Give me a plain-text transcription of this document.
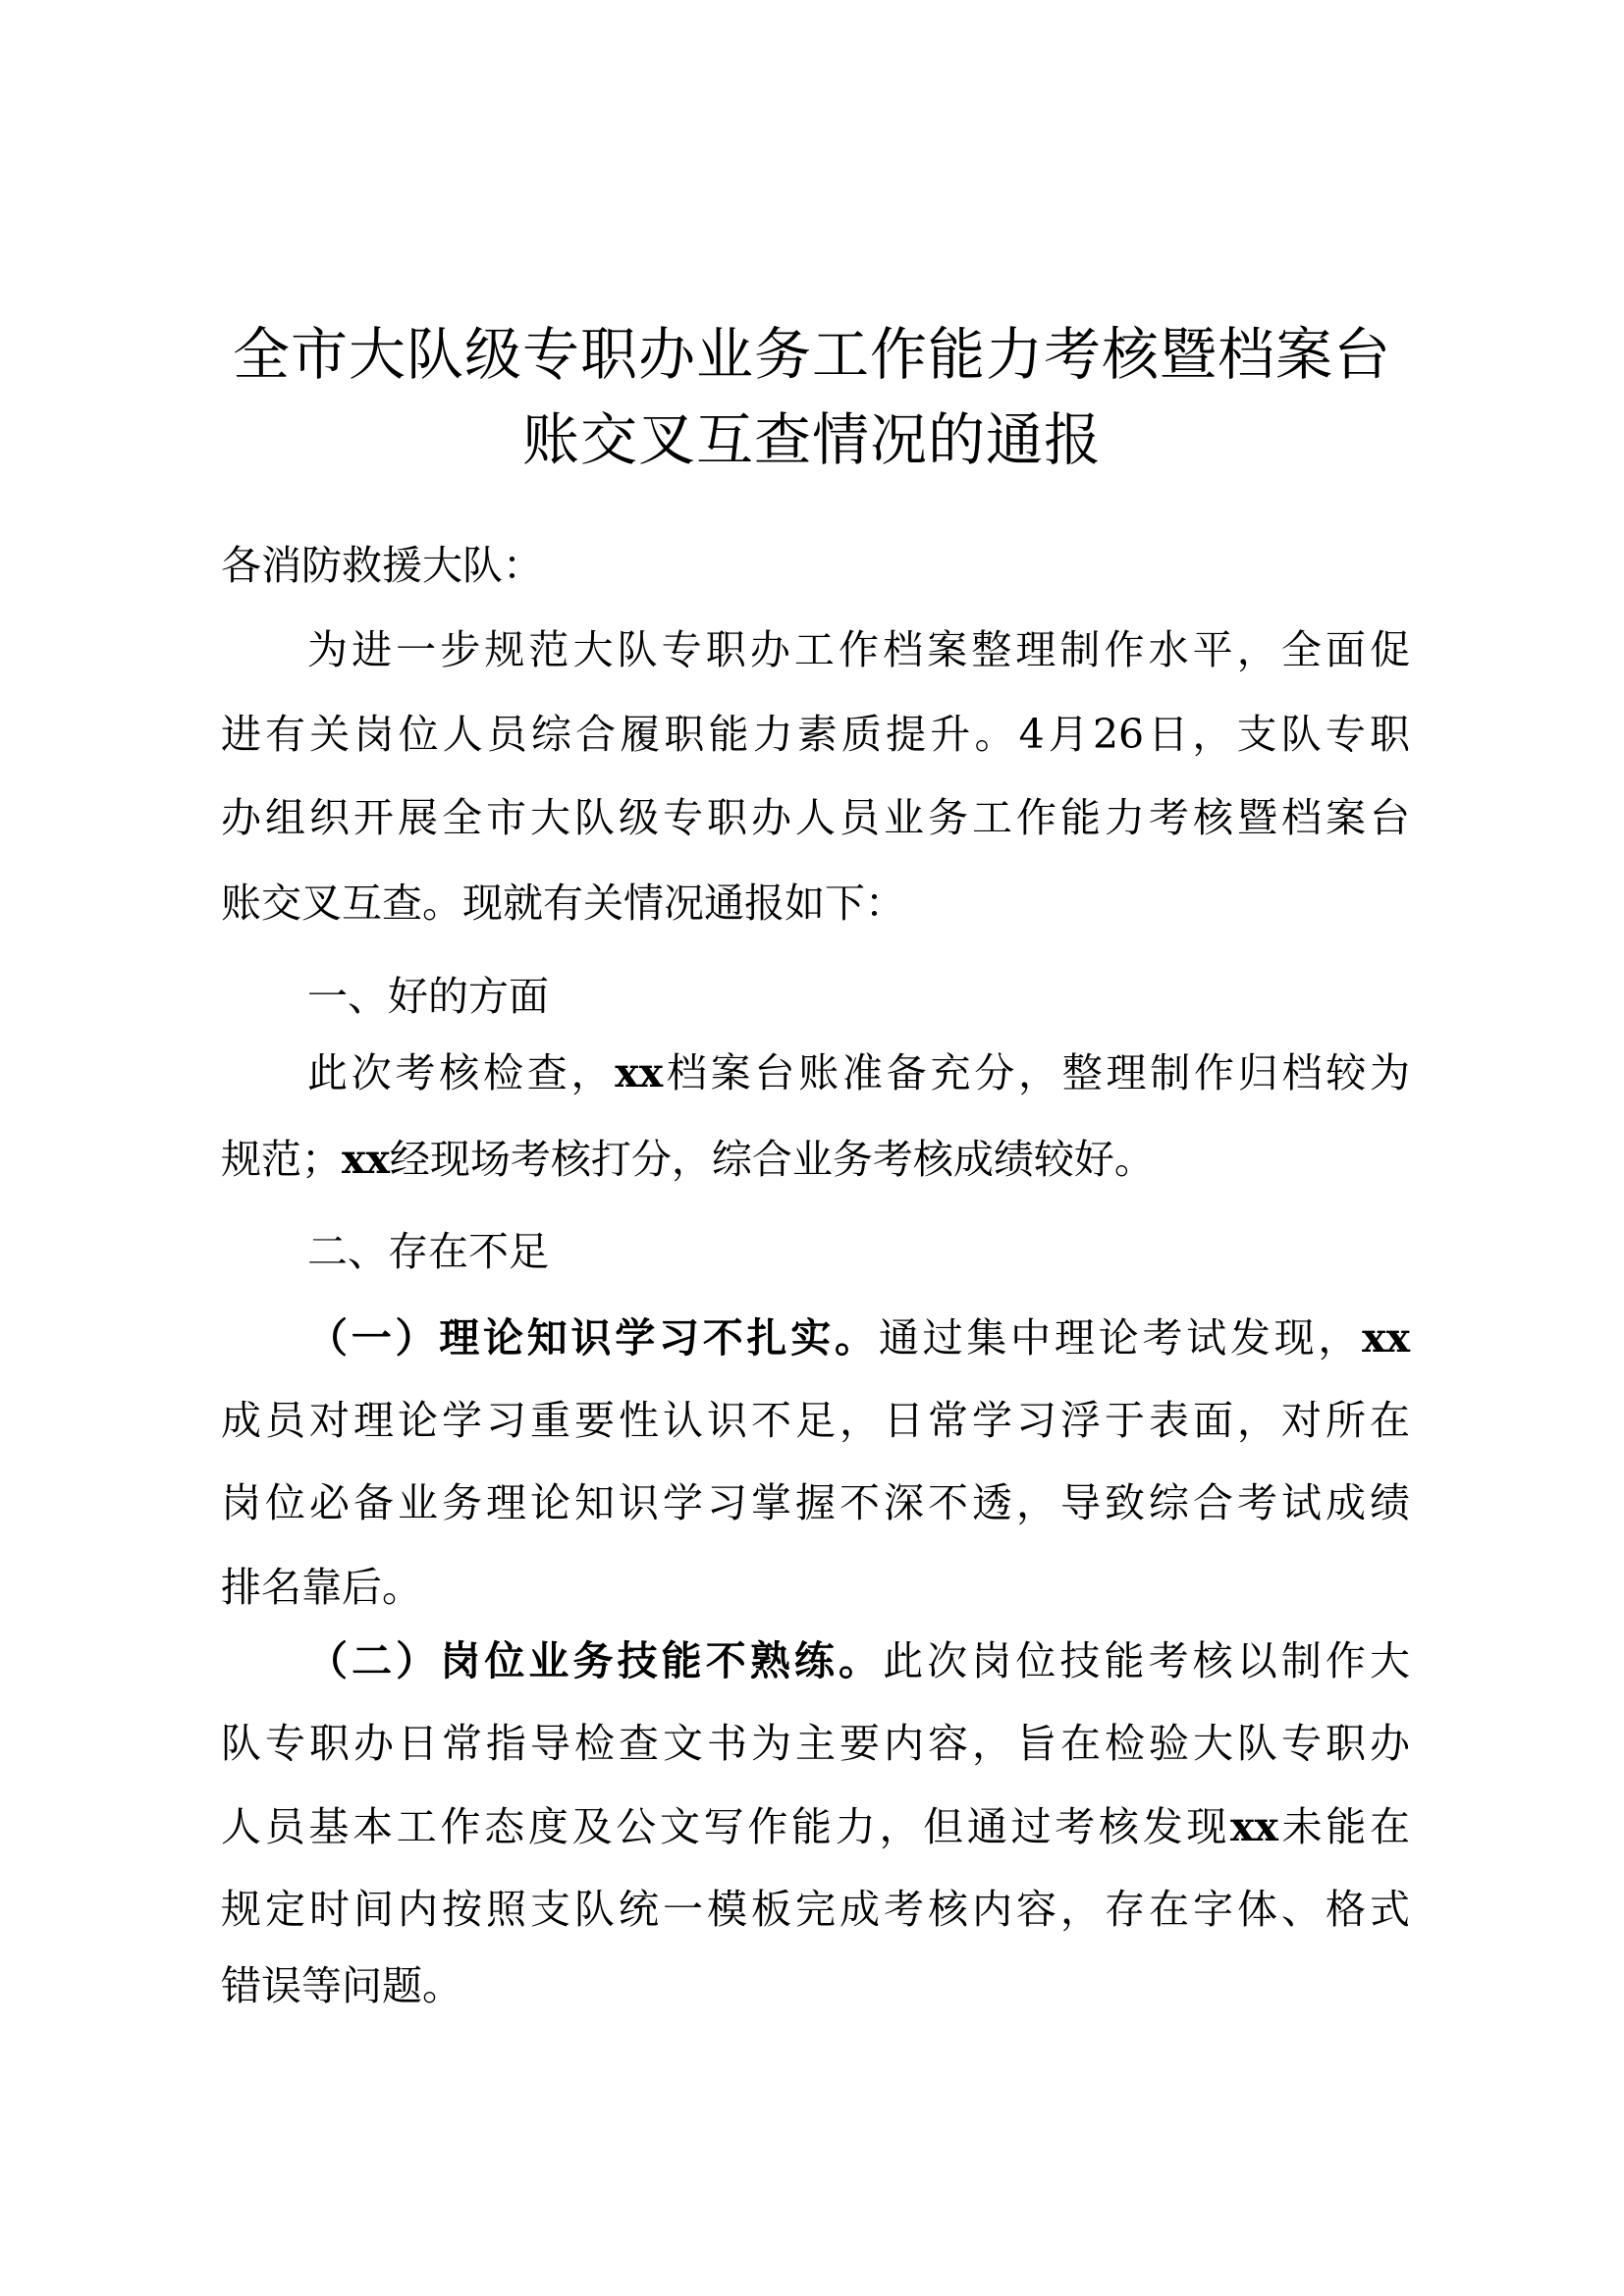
全市大队级专职办业务工作能力考核暨档案台
账交叉互查情况的通报
各消防救援大队：
为进一步规范大队专职办工作档案整理制作水平，全面促
进有关岗位人员综合履职能力素质提升。4月26日，支队专职
办组织开展全市大队级专职办人员业务工作能力考核暨档案台
账交叉互查。现就有关情况通报如下：
一、好的方面
此次考核检查，xx档案台账准备充分，整理制作归档较为
规范；xx经现场考核打分，综合业务考核成绩较好。
二、存在不足
（一）理论知识学习不扎实。通过集中理论考试发现，xx
成员对理论学习重要性认识不足，日常学习浮于表面，对所在
岗位必备业务理论知识学习掌握不深不透，导致综合考试成绩
排名靠后。
（二）岗位业务技能不熟练。此次岗位技能考核以制作大
队专职办日常指导检查文书为主要内容，旨在检验大队专职办
人员基本工作态度及公文写作能力，但通过考核发现xx未能在
规定时间内按照支队统一模板完成考核内容，存在字体、格式
错误等问题。
